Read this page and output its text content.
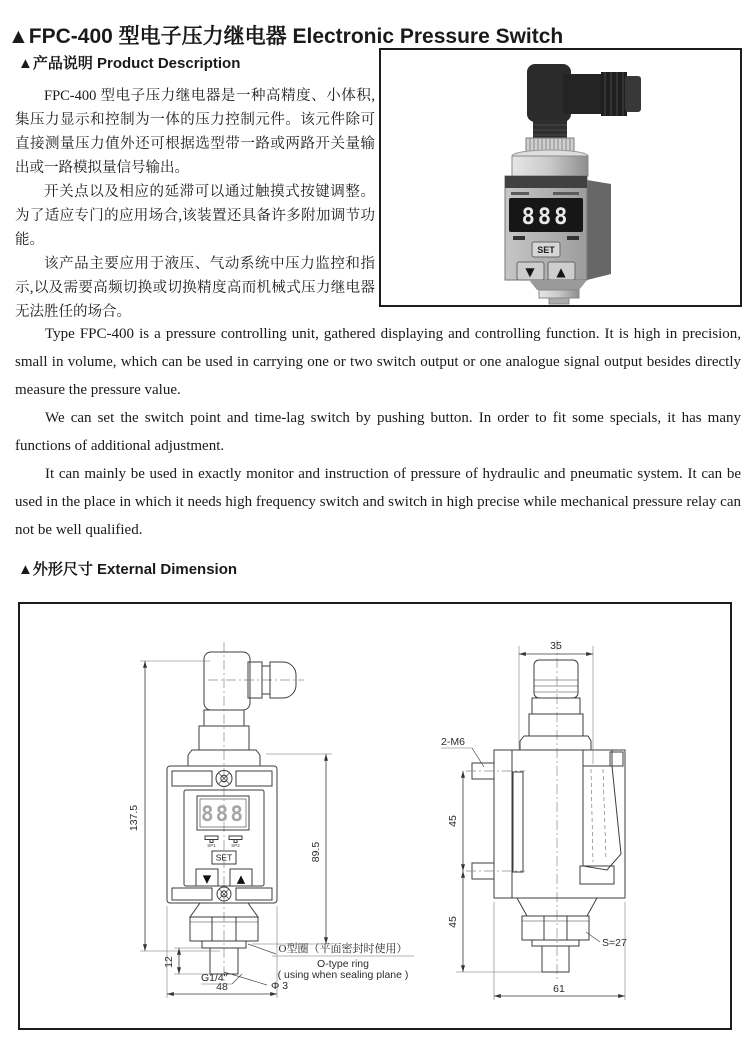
▲FPC-400 型电子压力继电器 Electronic Pressure Switch
▲产品说明 Product Description

FPC-400 型电子压力继电器是一种高精度、小体积,集压力显示和控制为一体的压力控制元件。该元件除可直接测量压力值外还可根据选型带一路或两路开关量输出或一路模拟量信号输出。

开关点以及相应的延滞可以通过触摸式按键调整。为了适应专门的应用场合,该装置还具备许多附加调节功能。

该产品主要应用于液压、气动系统中压力监控和指示,以及需要高频切换或切换精度高而机械式压力继电器无法胜任的场合。

888
SET
▼ ▲

Type FPC-400 is a pressure controlling unit, gathered displaying and controlling function. It is high in precision, small in volume, which can be used in carrying one or two switch output or one analogue signal output besides directly measure the pressure value.

We can set the switch point and time-lag switch by pushing button. In order to fit some specials, it has many functions of additional adjustment.

It can mainly be used in exactly monitor and instruction of pressure of hydraulic and pneumatic system. It can be used in the place in which it needs high frequency switch and switch in high precise while mechanical pressure relay can not be well qualified.

▲外形尺寸 External Dimension
888
SP1	SP2
SET
▼ ▲
137.5
89.5
12
48
G1/4"
Φ 3
O型圈（平面密封时使用）
O-type ring
( using when sealing plane )
35
2-M6
45
45
S=27
61
